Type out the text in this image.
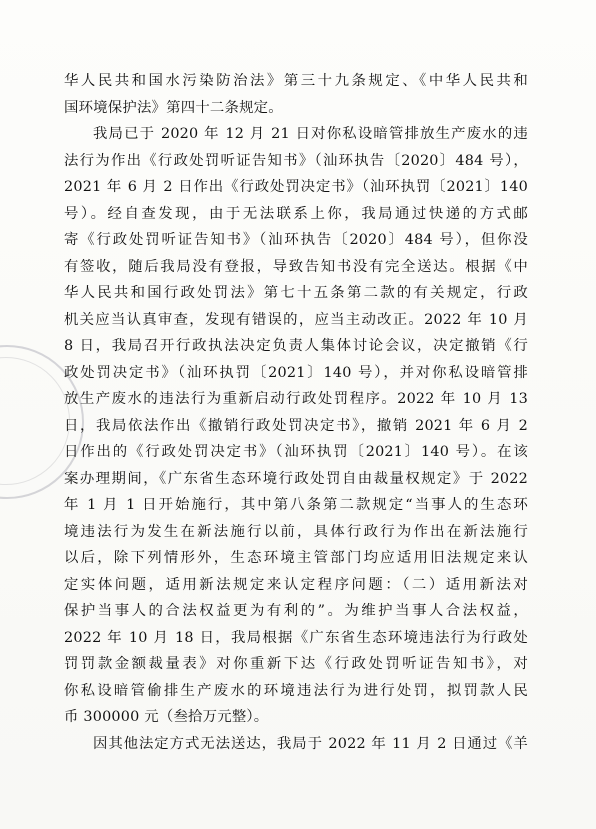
华人民共和国水污染防治法》第三十九条规定、《中华人民共和
国环境保护法》第四十二条规定。
我局已于 2020 年 12 月 21 日对你私设暗管排放生产废水的违
法行为作出《行政处罚听证告知书》（汕环执告〔2020〕484 号），
2021 年 6 月 2 日作出《行政处罚决定书》（汕环执罚〔2021〕140
号）。经自查发现，由于无法联系上你，我局通过快递的方式邮
寄《行政处罚听证告知书》（汕环执告〔2020〕484 号），但你没
有签收，随后我局没有登报，导致告知书没有完全送达。根据《中
华人民共和国行政处罚法》第七十五条第二款的有关规定，行政
机关应当认真审查，发现有错误的，应当主动改正。2022 年 10 月
8 日，我局召开行政执法决定负责人集体讨论会议，决定撤销《行
政处罚决定书》（汕环执罚〔2021〕140 号），并对你私设暗管排
放生产废水的违法行为重新启动行政处罚程序。2022 年 10 月 13
日，我局依法作出《撤销行政处罚决定书》，撤销 2021 年 6 月 2
日作出的《行政处罚决定书》（汕环执罚〔2021〕140 号）。在该
案办理期间，《广东省生态环境行政处罚自由裁量权规定》于 2022
年 1 月 1 日开始施行，其中第八条第二款规定“当事人的生态环
境违法行为发生在新法施行以前，具体行政行为作出在新法施行
以后，除下列情形外，生态环境主管部门均应适用旧法规定来认
定实体问题，适用新法规定来认定程序问题：（二）适用新法对
保护当事人的合法权益更为有利的”。为维护当事人合法权益，
2022 年 10 月 18 日，我局根据《广东省生态环境违法行为行政处
罚罚款金额裁量表》对你重新下达《行政处罚听证告知书》，对
你私设暗管偷排生产废水的环境违法行为进行处罚，拟罚款人民
币 300000 元（叁拾万元整）。
因其他法定方式无法送达，我局于 2022 年 11 月 2 日通过《羊
